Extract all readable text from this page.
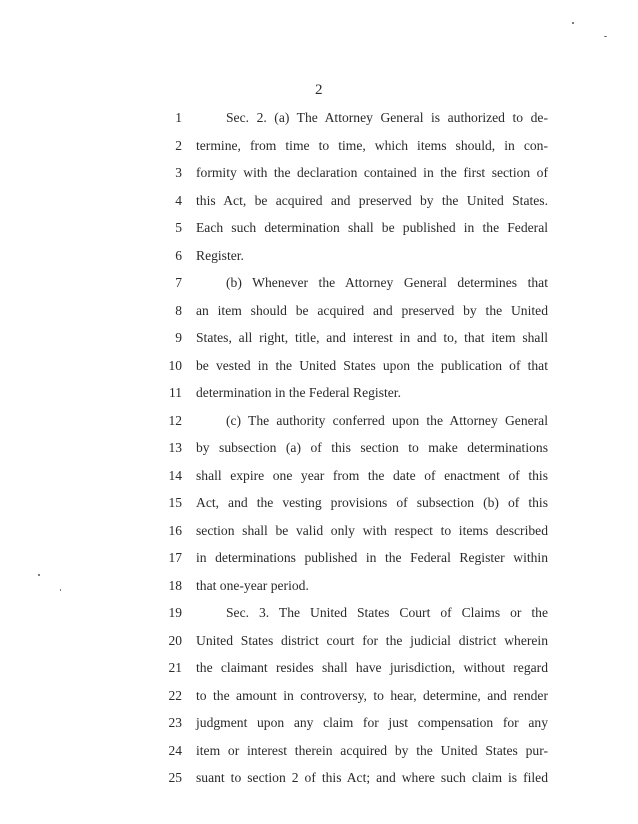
2
1	Sec. 2. (a) The Attorney General is authorized to de-
2 termine, from time to time, which items should, in con-
3 formity with the declaration contained in the first section of
4 this Act, be acquired and preserved by the United States.
5 Each such determination shall be published in the Federal
6 Register.
7	(b) Whenever the Attorney General determines that
8 an item should be acquired and preserved by the United
9 States, all right, title, and interest in and to, that item shall
10 be vested in the United States upon the publication of that
11 determination in the Federal Register.
12	(c) The authority conferred upon the Attorney General
13 by subsection (a) of this section to make determinations
14 shall expire one year from the date of enactment of this
15 Act, and the vesting provisions of subsection (b) of this
16 section shall be valid only with respect to items described
17 in determinations published in the Federal Register within
18 that one-year period.
19	Sec. 3. The United States Court of Claims or the
20 United States district court for the judicial district wherein
21 the claimant resides shall have jurisdiction, without regard
22 to the amount in controversy, to hear, determine, and render
23 judgment upon any claim for just compensation for any
24 item or interest therein acquired by the United States pur-
25 suant to section 2 of this Act; and where such claim is filed
